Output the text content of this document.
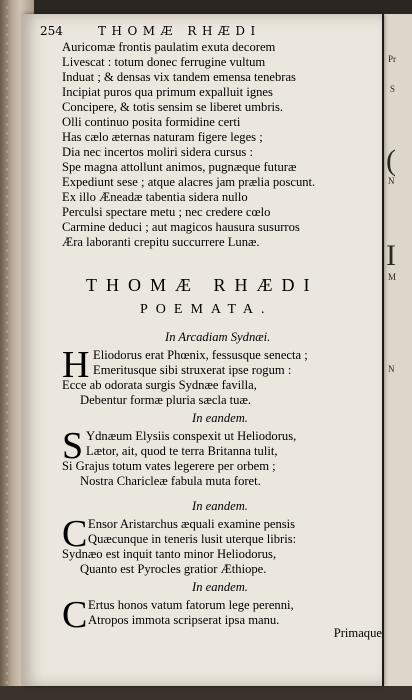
Pr
S
(
N
I
M
N
254	THOMÆ RHÆDI
Auricomæ frontis paulatim exuta decorem
Livescat : totum donec ferrugine vultum
Induat ; & densas vix tandem emensa tenebras
Incipiat puros qua primum expalluit ignes
Concipere, & totis sensim se liberet umbris.
Olli continuo posita formidine certi
Has cælo æternas naturam figere leges ;
Dia nec incertos moliri sidera cursus :
Spe magna attollunt animos, pugnæque futuræ
Expediunt sese ; atque alacres jam prælia poscunt.
Ex illo Æneadæ tabentia sidera nullo
Perculsi spectare metu ; nec credere cœlo
Carmine deduci ; aut magicos hausura susurros
Æra laboranti crepitu succurrere Lunæ.
THOMÆ RHÆDI
POEMATA.
In Arcadiam Sydnæi.
H Eliodorus erat Phœnix, fessusque senecta ;
Emeritusque sibi struxerat ipse rogum :
Ecce ab odorata surgis Sydnæe favilla,
Debentur formæ pluria sæcla tuæ.
In eandem.
S Ydnæum Elysiis conspexit ut Heliodorus,
Lætor, ait, quod te terra Britanna tulit,
Si Grajus totum vates legerere per orbem ;
Nostra Charicleæ fabula muta foret.
In eandem.
C Ensor Aristarchus æquali examine pensis
Quæcunque in teneris lusit uterque libris:
Sydnæo est inquit tanto minor Heliodorus,
Quanto est Pyrocles gratior Æthiope.
In eandem.
C Ertus honos vatum fatorum lege perenni,
Atropos immota scripserat ipsa manu.
Primaque
